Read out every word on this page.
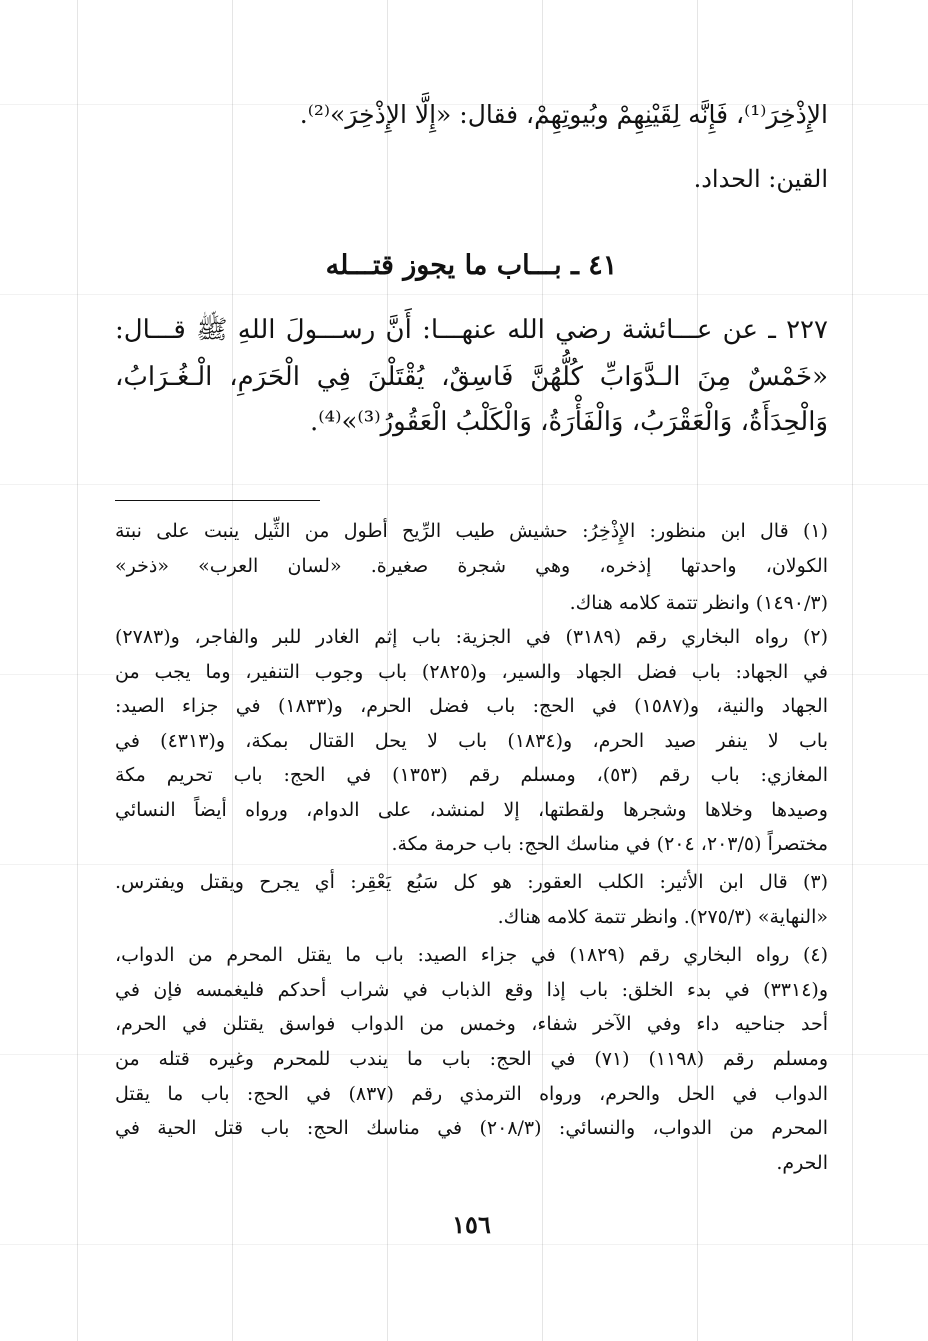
الإِذْخِرَ⁽¹⁾، فَإِنَّه لِقَيْنِهِمْ وبُيوتِهِمْ، فقال: «إِلَّا الإِذْخِرَ»⁽²⁾.
القين: الحداد.
٤١ ـ بـــاب ما يجوز قتـــله
٢٢٧ ـ عن عـــائشة رضي الله عنهـــا: أَنَّ رســـولَ اللهِ ﷺ قـــال:
«خَمْسٌ مِنَ الـدَّوَابِّ كُلُّهُنَّ فَاسِقٌ، يُقْتَلْنَ فِي الْحَرَمِ، الْـغُـرَابُ،
وَالْحِدَأَةُ، وَالْعَقْرَبُ، وَالْفَأْرَةُ، وَالْكَلْبُ الْعَقُورُ⁽³⁾»⁽⁴⁾.
(١) قال ابن منظور: الإِذْخِرُ: حشيش طيب الرِّيح أطول من الثِّيل ينبت على نبتة
الكولان، واحدتها إذخره، وهي شجرة صغيرة. «لسان العرب» «ذخر»
(١٤٩٠/٣) وانظر تتمة كلامه هناك.
(٢) رواه البخاري رقم (٣١٨٩) في الجزية: باب إثم الغادر للبر والفاجر، و(٢٧٨٣)
في الجهاد: باب فضل الجهاد والسير، و(٢٨٢٥) باب وجوب التنفير، وما يجب من
الجهاد والنية، و(١٥٨٧) في الحج: باب فضل الحرم، و(١٨٣٣) في جزاء الصيد:
باب لا ينفر صيد الحرم، و(١٨٣٤) باب لا يحل القتال بمكة، و(٤٣١٣) في
المغازي: باب رقم (٥٣)، ومسلم رقم (١٣٥٣) في الحج: باب تحريم مكة
وصيدها وخلاها وشجرها ولقطتها، إلا لمنشد، على الدوام، ورواه أيضاً النسائي
مختصراً (٢٠٣/٥، ٢٠٤) في مناسك الحج: باب حرمة مكة.
(٣) قال ابن الأثير: الكلب العقور: هو كل سَبُع يَعْقِر: أي يجرح ويقتل ويفترس.
«النهاية» (٢٧٥/٣). وانظر تتمة كلامه هناك.
(٤) رواه البخاري رقم (١٨٢٩) في جزاء الصيد: باب ما يقتل المحرم من الدواب،
و(٣٣١٤) في بدء الخلق: باب إذا وقع الذباب في شراب أحدكم فليغمسه فإن في
أحد جناحيه داء وفي الآخر شفاء، وخمس من الدواب فواسق يقتلن في الحرم،
ومسلم رقم (١١٩٨) (٧١) في الحج: باب ما يندب للمحرم وغيره قتله من
الدواب في الحل والحرم، ورواه الترمذي رقم (٨٣٧) في الحج: باب ما يقتل
المحرم من الدواب، والنسائي: (٢٠٨/٣) في مناسك الحج: باب قتل الحية في
الحرم.
١٥٦
